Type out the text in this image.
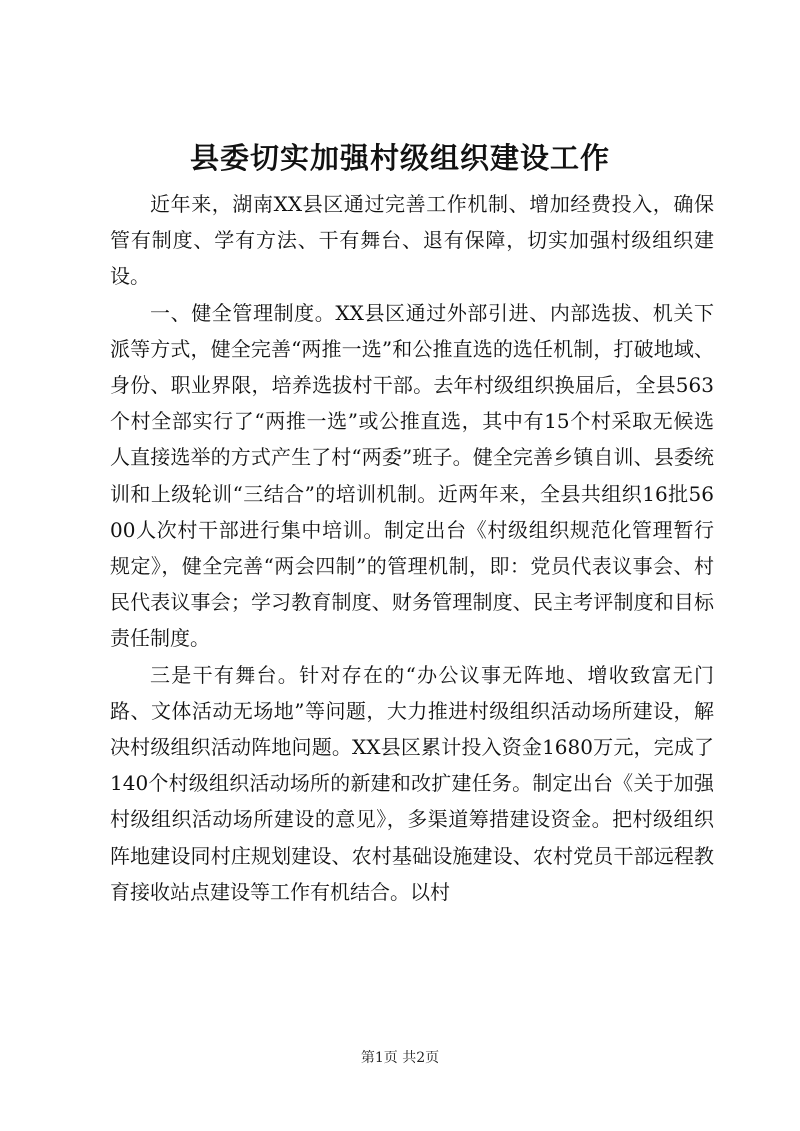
县委切实加强村级组织建设工作

近年来，湖南XX县区通过完善工作机制、增加经费投入，确保管有制度、学有方法、干有舞台、退有保障，切实加强村级组织建设。

一、健全管理制度。XX县区通过外部引进、内部选拔、机关下派等方式，健全完善“两推一选”和公推直选的选任机制，打破地域、身份、职业界限，培养选拔村干部。去年村级组织换届后，全县563个村全部实行了“两推一选”或公推直选，其中有15个村采取无候选人直接选举的方式产生了村“两委”班子。健全完善乡镇自训、县委统训和上级轮训“三结合”的培训机制。近两年来，全县共组织16批5600人次村干部进行集中培训。制定出台《村级组织规范化管理暂行规定》，健全完善“两会四制”的管理机制，即：党员代表议事会、村民代表议事会；学习教育制度、财务管理制度、民主考评制度和目标责任制度。

三是干有舞台。针对存在的“办公议事无阵地、增收致富无门路、文体活动无场地”等问题，大力推进村级组织活动场所建设，解决村级组织活动阵地问题。XX县区累计投入资金1680万元，完成了140个村级组织活动场所的新建和改扩建任务。制定出台《关于加强村级组织活动场所建设的意见》，多渠道筹措建设资金。把村级组织阵地建设同村庄规划建设、农村基础设施建设、农村党员干部远程教育接收站点建设等工作有机结合。以村

第1页 共2页
